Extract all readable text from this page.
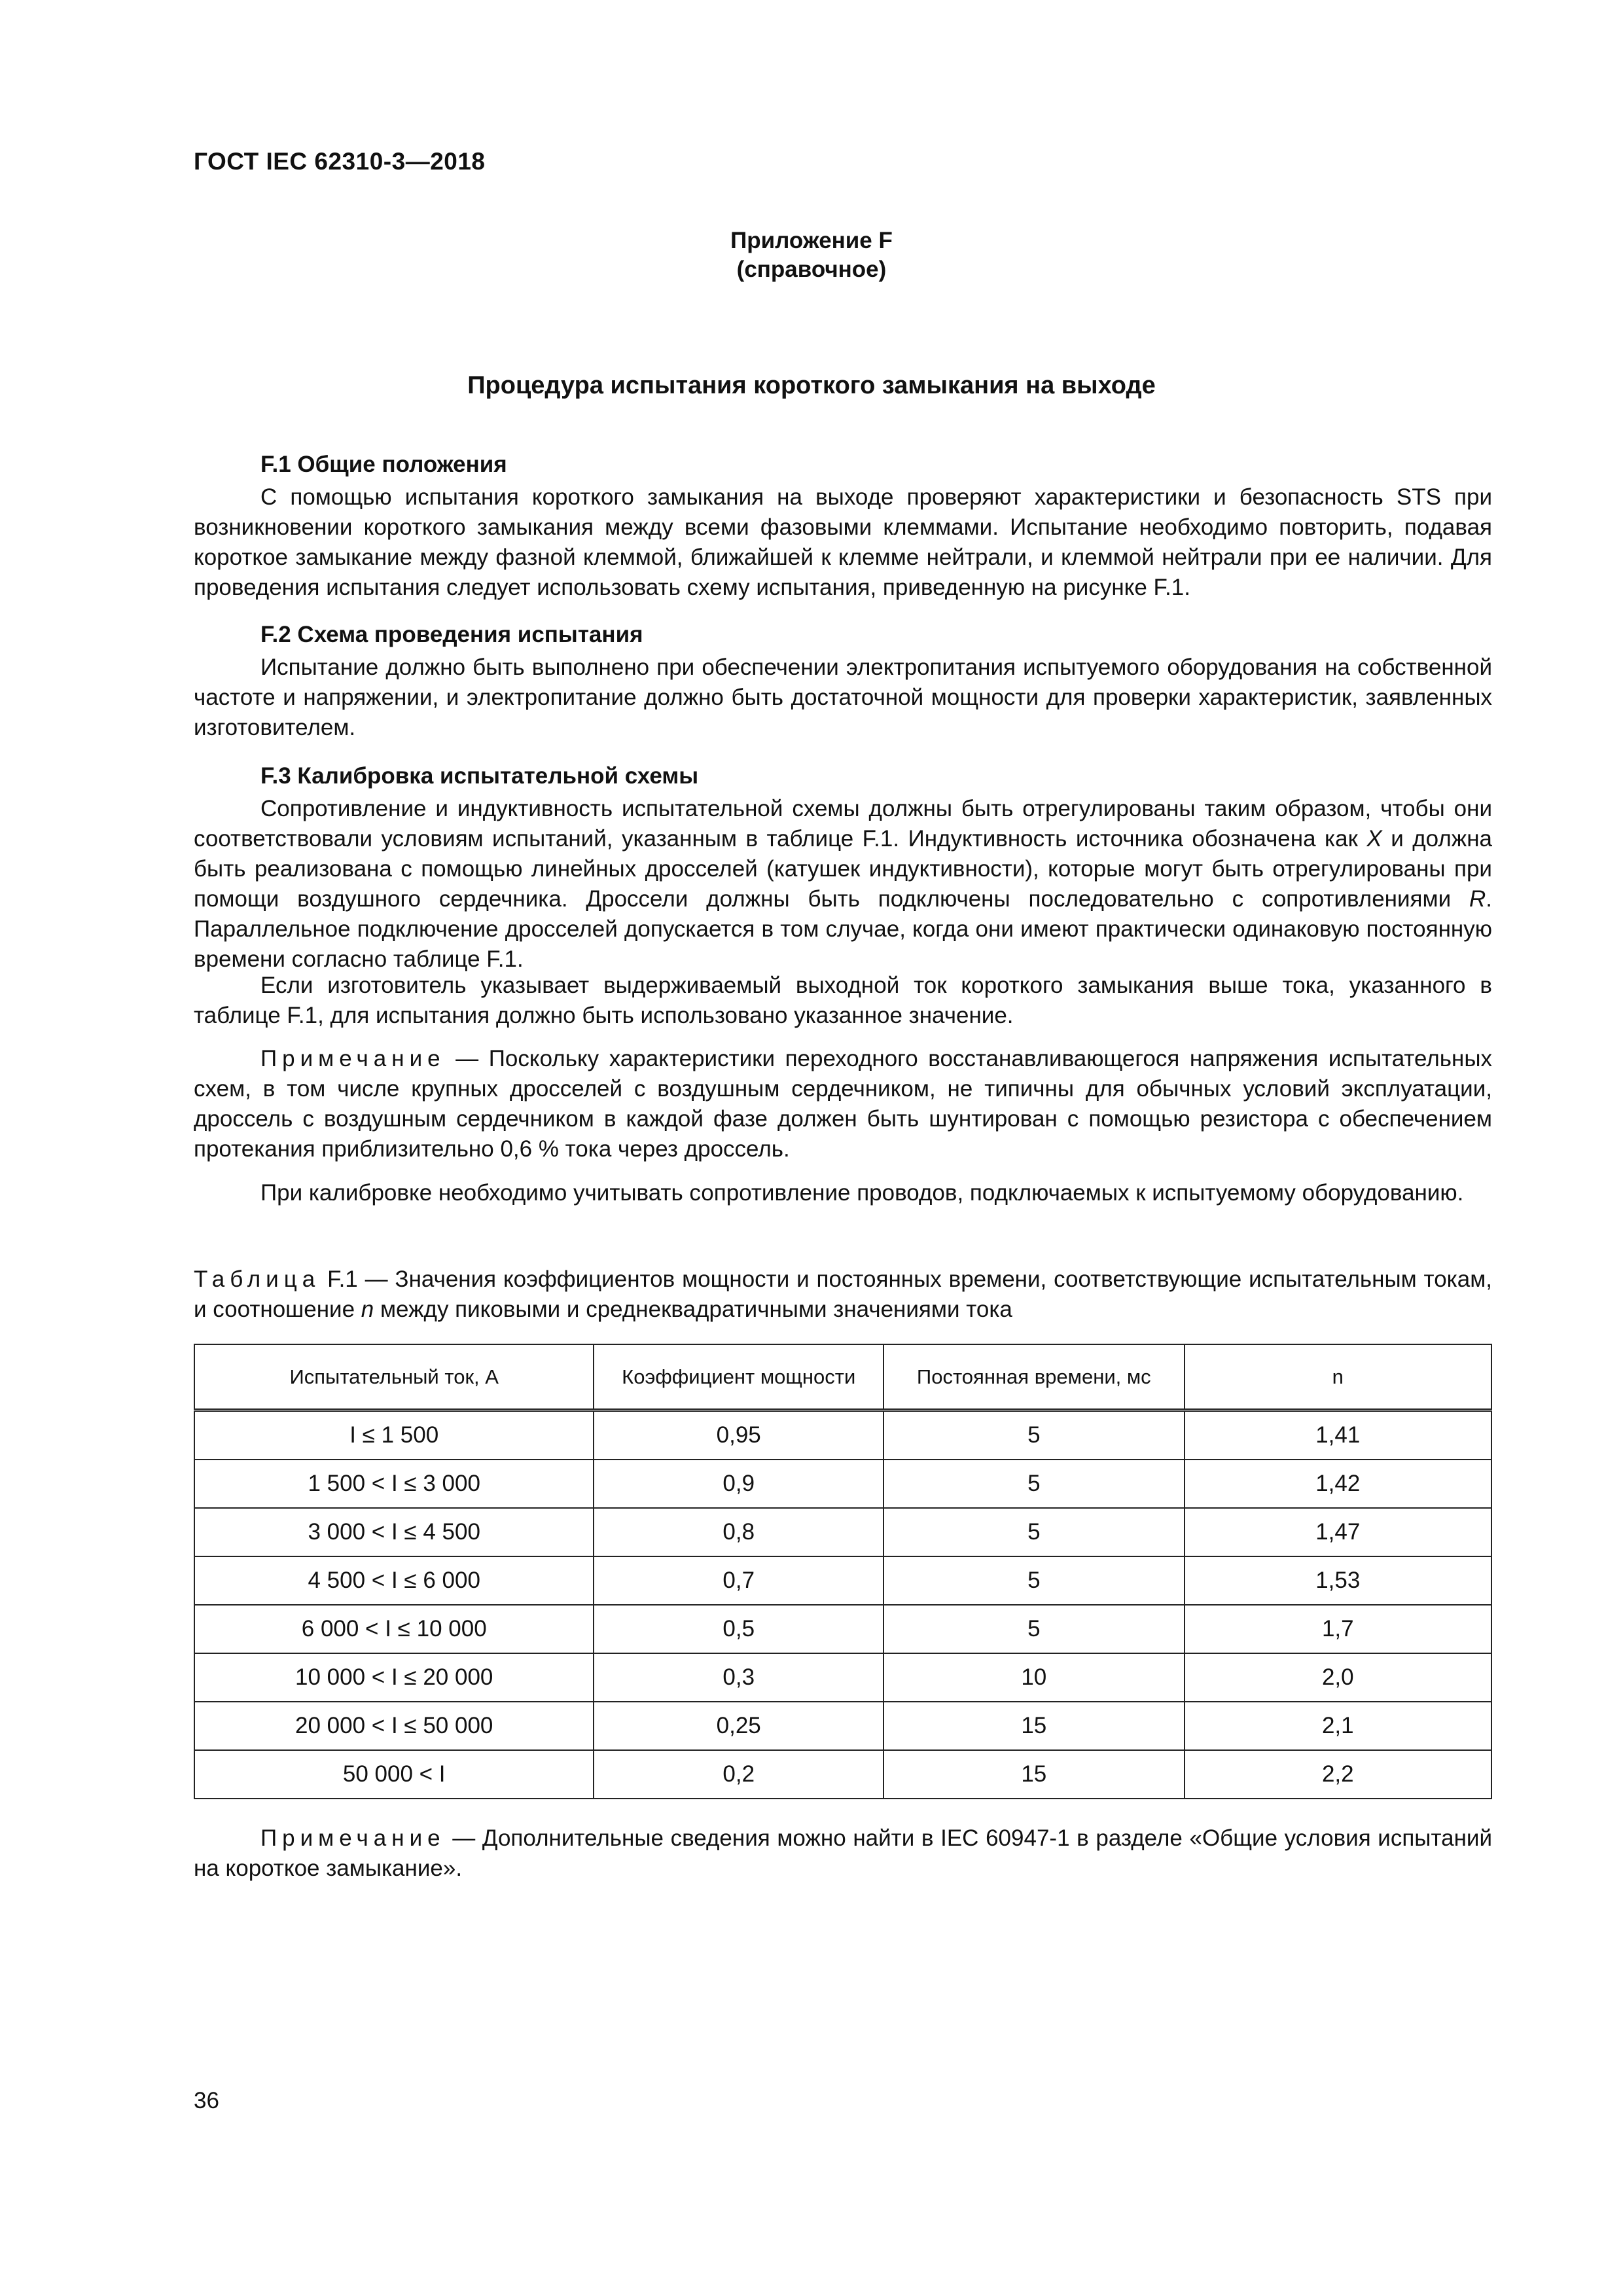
ГОСТ IEC 62310-3—2018
Приложение F
(справочное)
Процедура испытания короткого замыкания на выходе
F.1 Общие положения

С помощью испытания короткого замыкания на выходе проверяют характеристики и безопасность STS при возникновении короткого замыкания между всеми фазовыми клеммами. Испытание необходимо повторить, подавая короткое замыкание между фазной клеммой, ближайшей к клемме нейтрали, и клеммой нейтрали при ее наличии. Для проведения испытания следует использовать схему испытания, приведенную на рисунке F.1.

F.2 Схема проведения испытания

Испытание должно быть выполнено при обеспечении электропитания испытуемого оборудования на собственной частоте и напряжении, и электропитание должно быть достаточной мощности для проверки характеристик, заявленных изготовителем.

F.3 Калибровка испытательной схемы

Сопротивление и индуктивность испытательной схемы должны быть отрегулированы таким образом, чтобы они соответствовали условиям испытаний, указанным в таблице F.1. Индуктивность источника обозначена как X и должна быть реализована с помощью линейных дросселей (катушек индуктивности), которые могут быть отрегулированы при помощи воздушного сердечника. Дроссели должны быть подключены последовательно с сопротивлениями R. Параллельное подключение дросселей допускается в том случае, когда они имеют практически одинаковую постоянную времени согласно таблице F.1.

Если изготовитель указывает выдерживаемый выходной ток короткого замыкания выше тока, указанного в таблице F.1, для испытания должно быть использовано указанное значение.

Примечание — Поскольку характеристики переходного восстанавливающегося напряжения испытательных схем, в том числе крупных дросселей с воздушным сердечником, не типичны для обычных условий эксплуатации, дроссель с воздушным сердечником в каждой фазе должен быть шунтирован с помощью резистора с обеспечением протекания приблизительно 0,6 % тока через дроссель.

При калибровке необходимо учитывать сопротивление проводов, подключаемых к испытуемому оборудованию.

Таблица F.1 — Значения коэффициентов мощности и постоянных времени, соответствующие испытательным токам, и соотношение n между пиковыми и среднеквадратичными значениями тока

Испытательный ток, А	Коэффициент мощности	Постоянная времени, мс	n
I ≤ 1 500	0,95	5	1,41
1 500 < I ≤ 3 000	0,9	5	1,42
3 000 < I ≤ 4 500	0,8	5	1,47
4 500 < I ≤ 6 000	0,7	5	1,53
6 000 < I ≤ 10 000	0,5	5	1,7
10 000 < I ≤ 20 000	0,3	10	2,0
20 000 < I ≤ 50 000	0,25	15	2,1
50 000 < I	0,2	15	2,2

Примечание — Дополнительные сведения можно найти в IEC 60947-1 в разделе «Общие условия испытаний на короткое замыкание».

36
